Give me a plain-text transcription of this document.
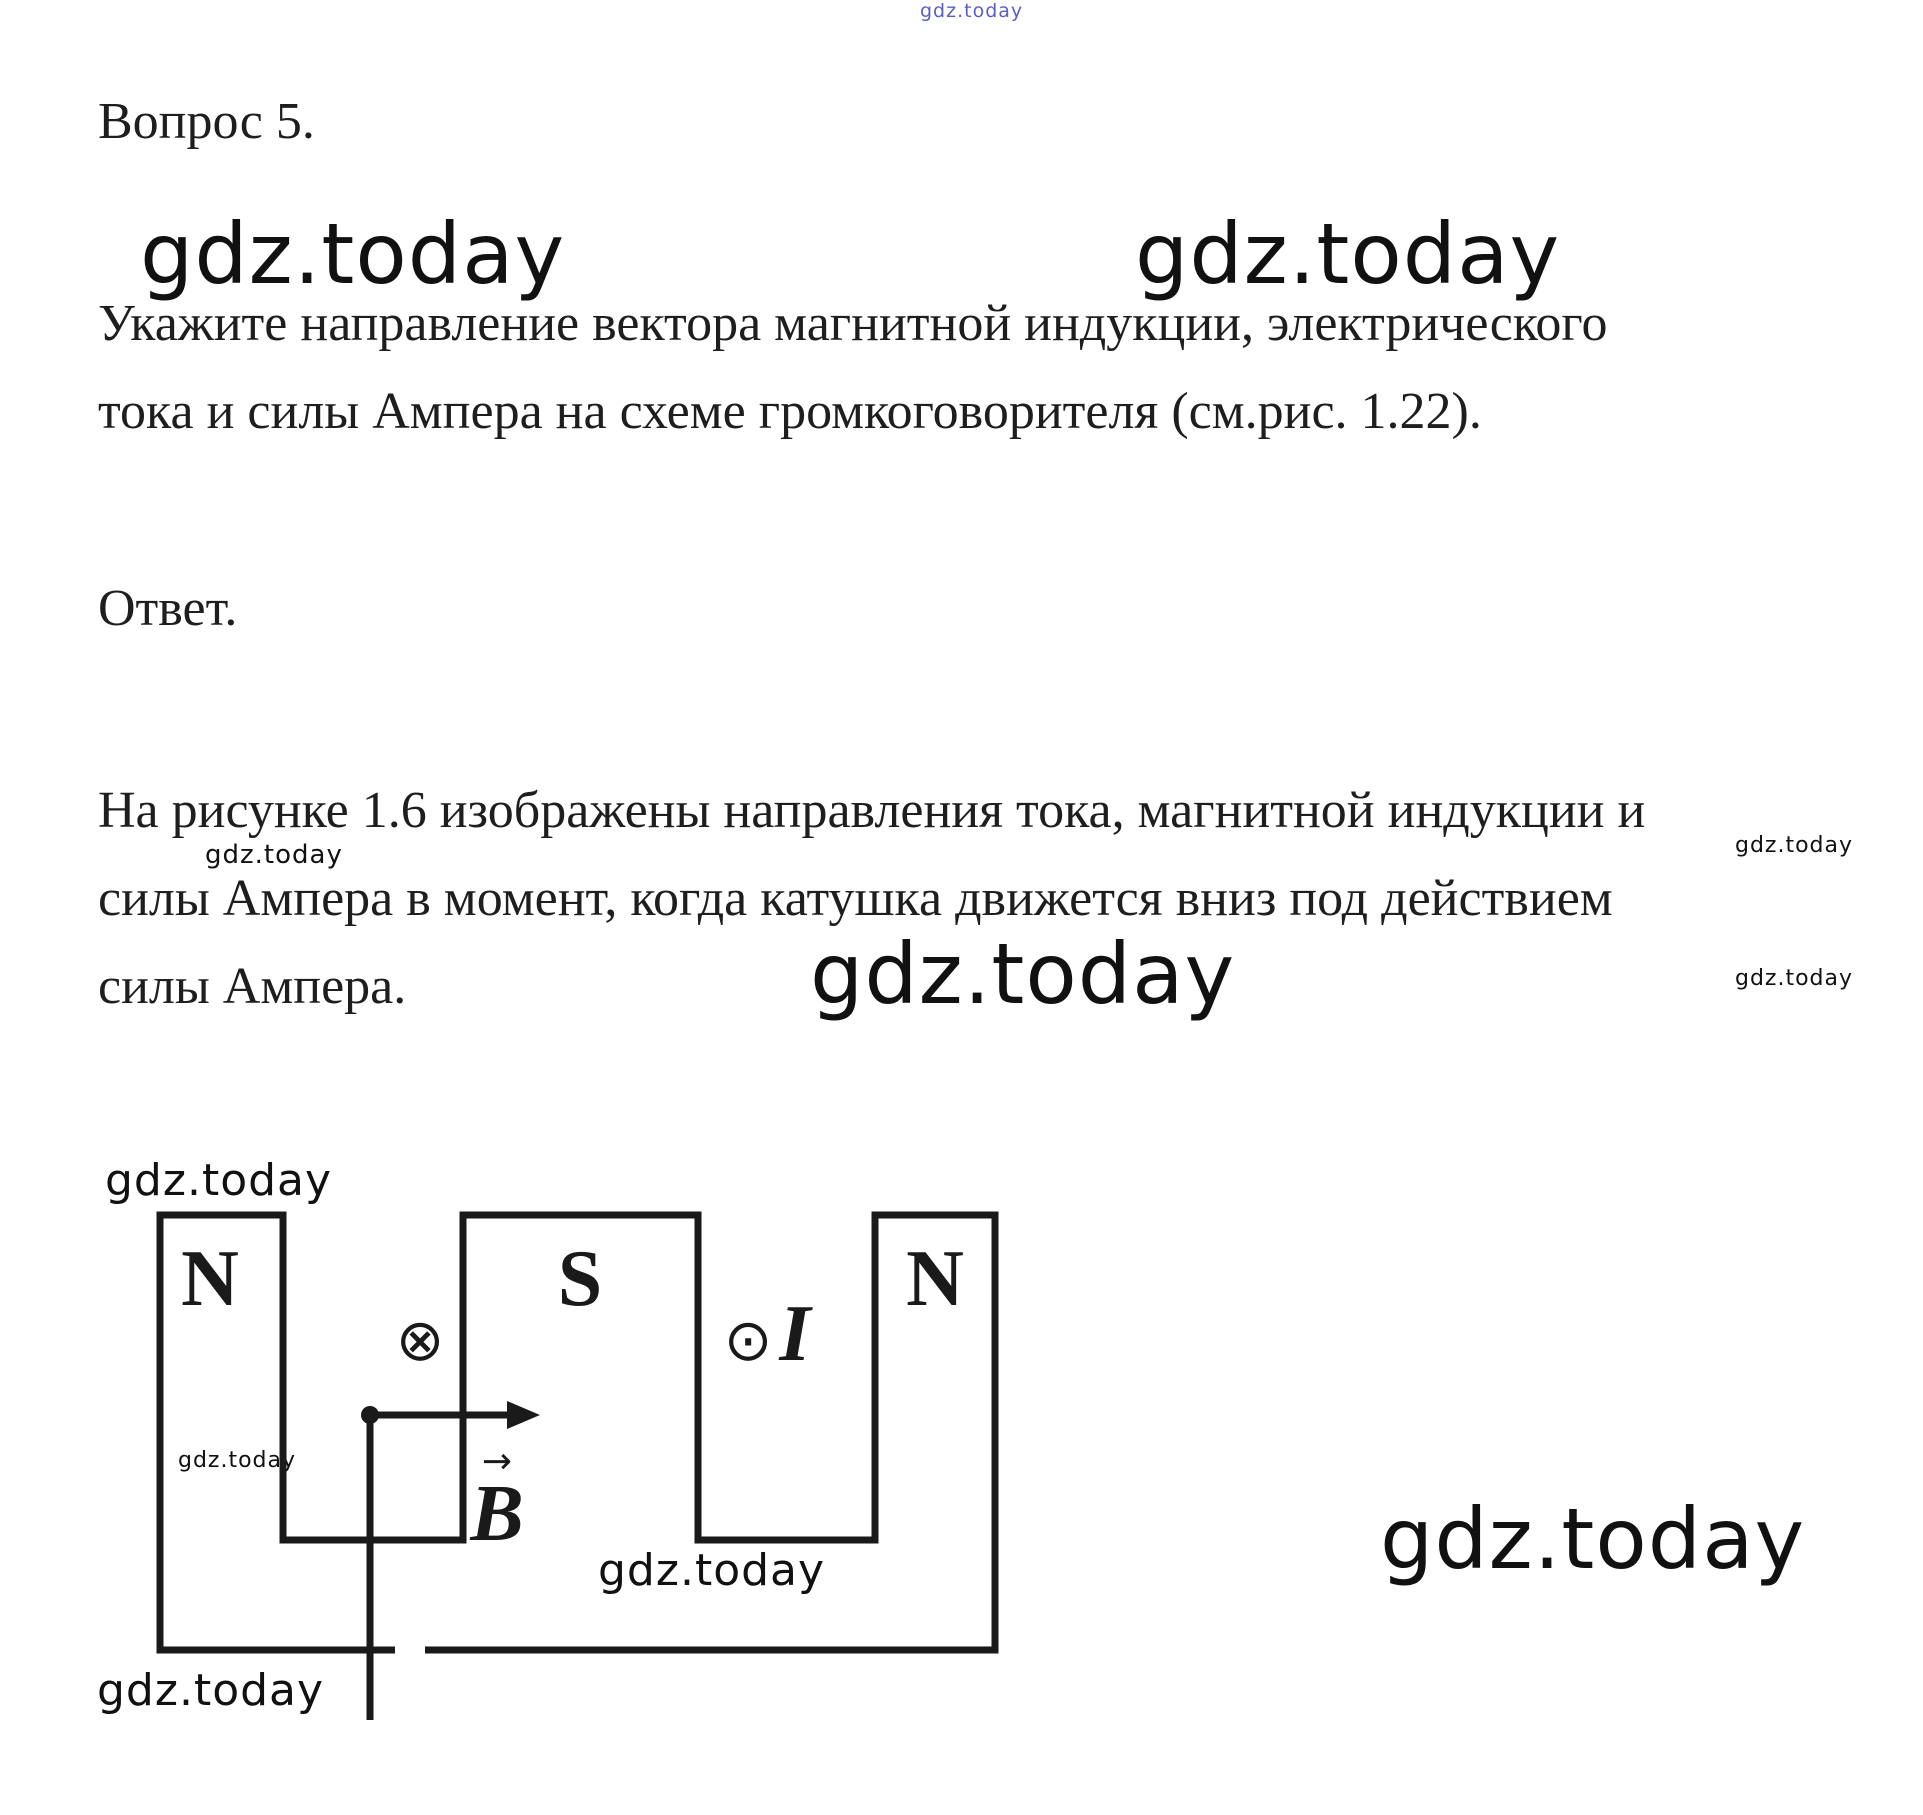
gdz.today

Вопрос 5.

gdz.today	gdz.today

Укажите направление вектора магнитной индукции, электрического

тока и силы Ампера на схеме громкоговорителя (см.рис. 1.22).

Ответ.

На рисунке 1.6 изображены направления тока, магнитной индукции и

gdz.today	gdz.today

силы Ампера в момент, когда катушка движется вниз под действием

силы Ампера.	gdz.today	gdz.today
gdz.today
gdz.today
gdz.today	gdz.today
gdz.today
N	S	N
⊗	⊙ I
→
B
